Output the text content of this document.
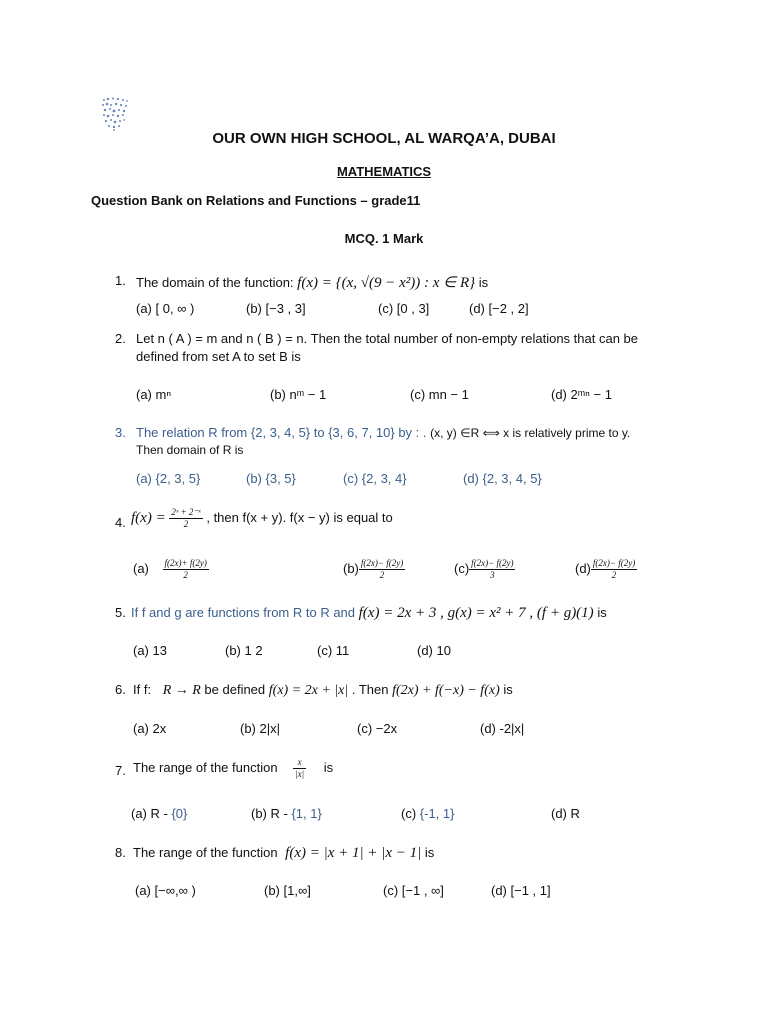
OUR OWN HIGH SCHOOL, AL WARQA’A, DUBAI
MATHEMATICS
Question Bank on Relations and Functions – grade11
MCQ. 1 Mark
1. The domain of the function: f(x) = {(x, √(9 − x²)) : x ∈ R} is
(a) [ 0, ∞ )	(b) [−3 , 3]	(c) [0 , 3]	(d) [−2 , 2]
2. Let n ( A ) = m and n ( B ) = n. Then the total number of non-empty relations that can be
defined from set A to set B is
(a) mⁿ	(b) nᵐ − 1	(c) mn − 1	(d) 2ᵐⁿ − 1
3. The relation R from {2, 3, 4, 5} to {3, 6, 7, 10} by : . (x, y) ∈R ⟺ x is relatively prime to y.
Then domain of R is
(a) {2, 3, 5}	(b) {3, 5}	(c) {2, 3, 4}	(d) {2, 3, 4, 5}
4. $f(x) = \frac{\text{2ˣ + 2⁻ˣ}}{2}$ , then f(x + y). f(x − y) is equal to
$(a) \frac{f(2x)+ f(2y)}{2}$	$(b) \frac{f(2x)- f(2y)}{2}$	$(c) \frac{f(2x)- f(2y)}{3}$	$(d) \frac{f(2x)- f(2y)}{2}$
5. If f and g are functions from R to R and f(x) = 2x + 3 , g(x) = x² + 7 , (f + g)(1) is
(a) 13	(b) 1 2	(c) 11	(d) 10
6. If f: R → R be defined f(x) = 2x + |x| . Then f(2x) + f(−x) − f(x) is
(a) 2x	(b) 2|x|	(c) −2x	(d) -2|x|
7. The range of the function $\frac{x}{|x|}$ is
(a) R - {0}	(b) R - {1, 1}	(c) {-1, 1}	(d) R
8. The range of the function f(x) = |x + 1| + |x − 1| is
(a) [−∞,∞ )	(b) [1,∞]	(c) [−1 , ∞]	(d) [−1 , 1]
